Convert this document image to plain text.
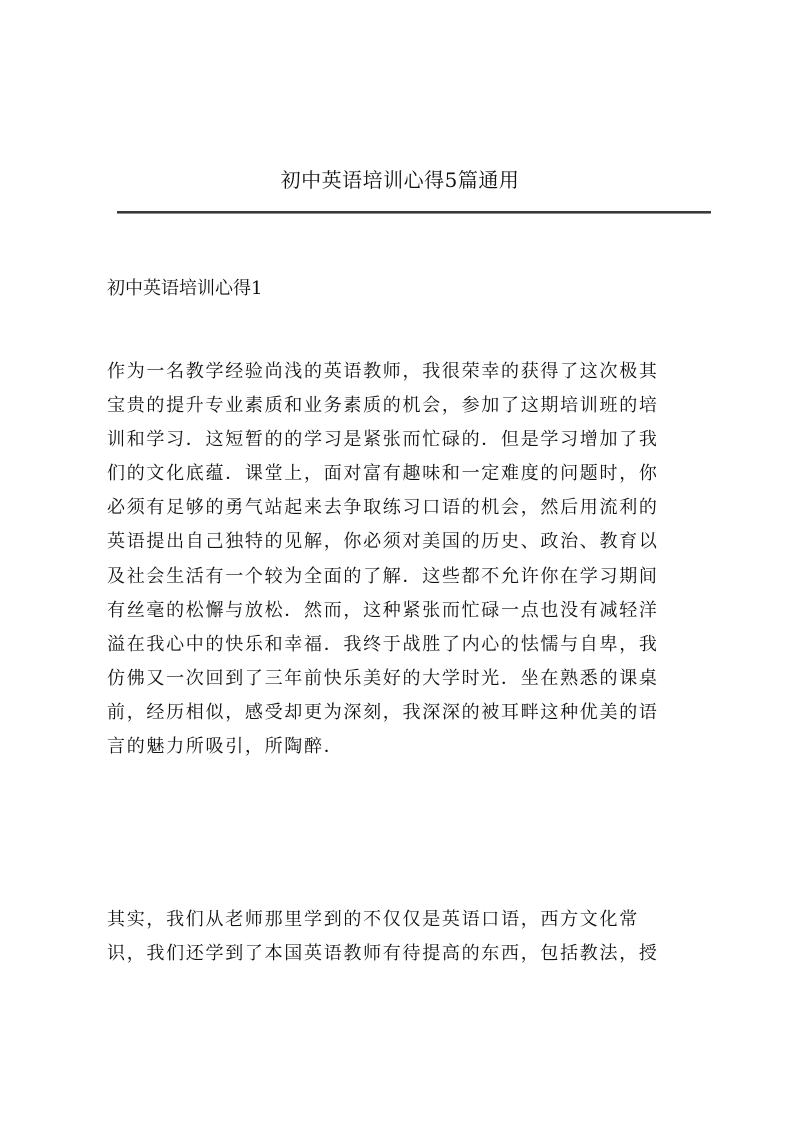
初中英语培训心得5篇通用
初中英语培训心得1

作为一名教学经验尚浅的英语教师，我很荣幸的获得了这次极其
宝贵的提升专业素质和业务素质的机会，参加了这期培训班的培
训和学习．这短暂的的学习是紧张而忙碌的．但是学习增加了我
们的文化底蕴．课堂上，面对富有趣味和一定难度的问题时，你
必须有足够的勇气站起来去争取练习口语的机会，然后用流利的
英语提出自己独特的见解，你必须对美国的历史、政治、教育以
及社会生活有一个较为全面的了解．这些都不允许你在学习期间
有丝毫的松懈与放松．然而，这种紧张而忙碌一点也没有减轻洋
溢在我心中的快乐和幸福．我终于战胜了内心的怯懦与自卑，我
仿佛又一次回到了三年前快乐美好的大学时光．坐在熟悉的课桌
前，经历相似，感受却更为深刻，我深深的被耳畔这种优美的语
言的魅力所吸引，所陶醉．

其实，我们从老师那里学到的不仅仅是英语口语，西方文化常
识，我们还学到了本国英语教师有待提高的东西，包括教法，授
